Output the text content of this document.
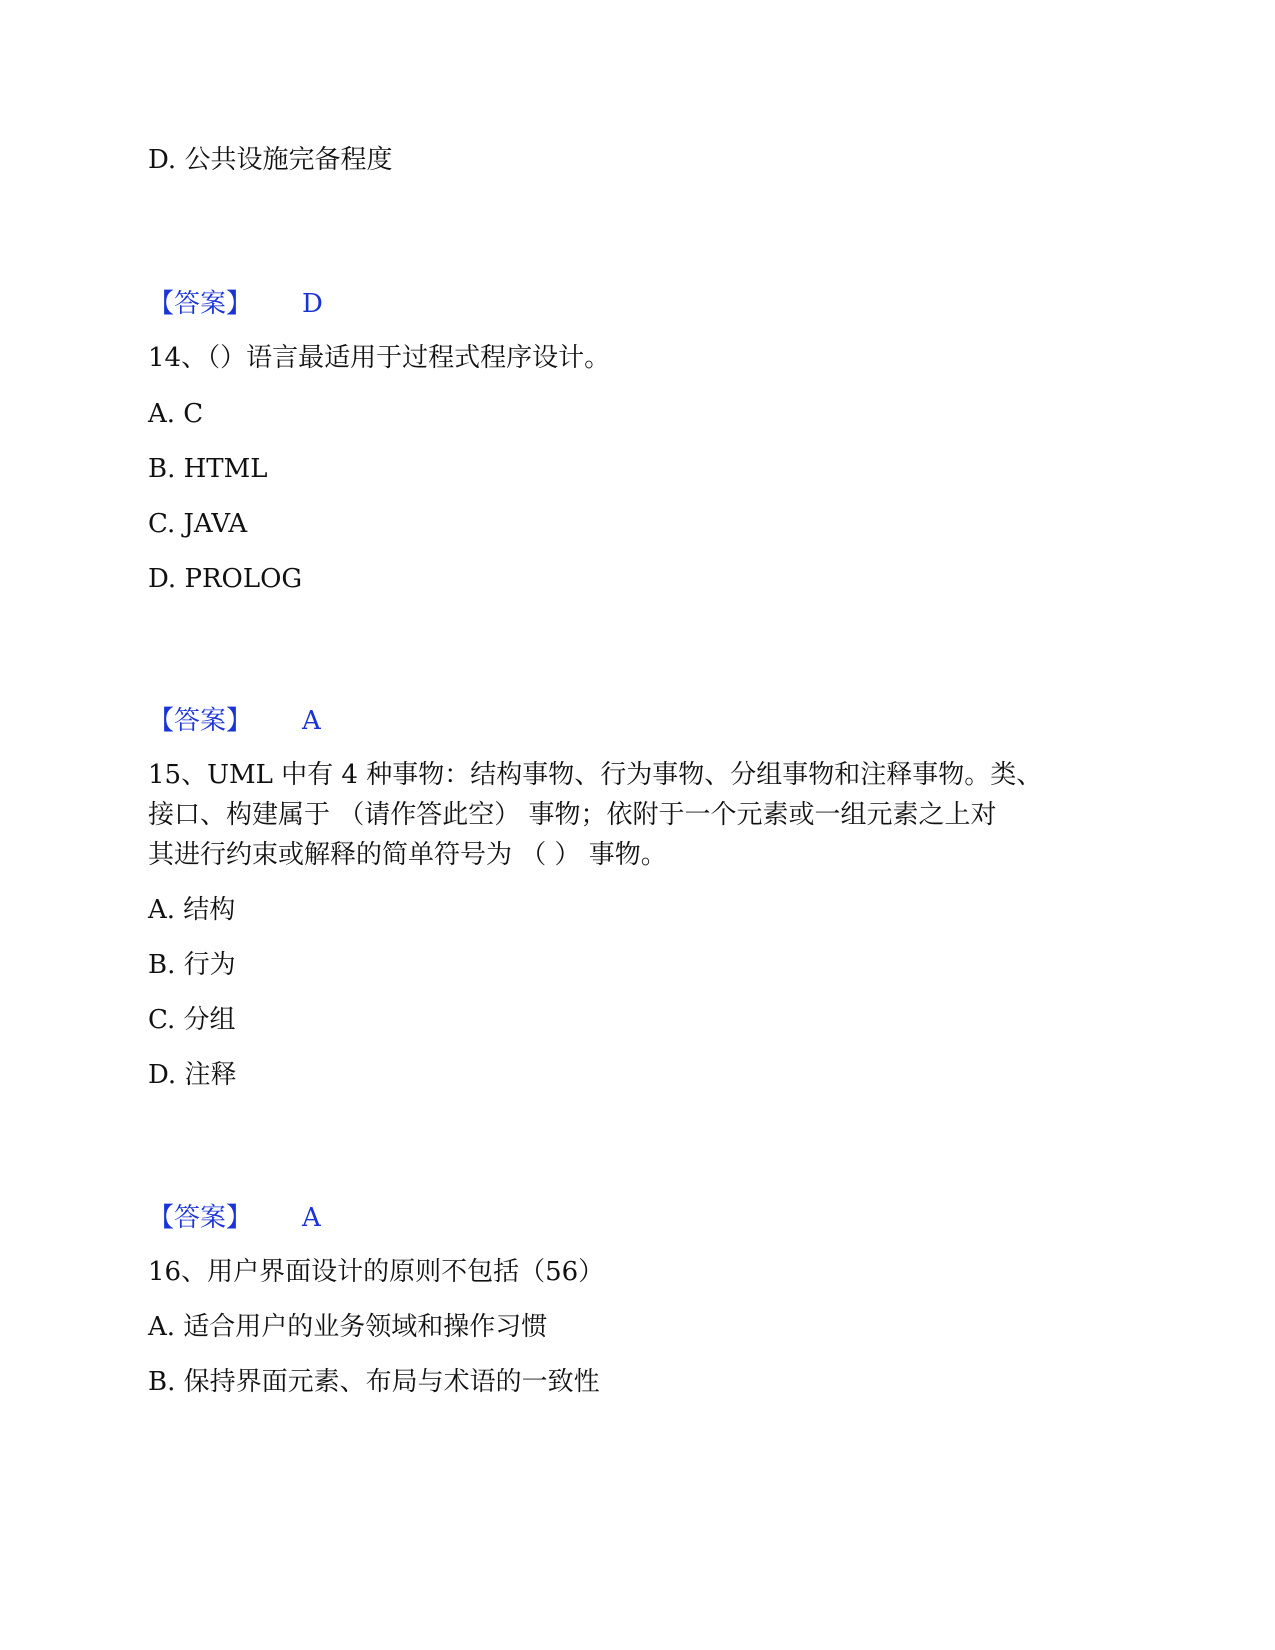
D. 公共设施完备程度
【答案】 D
14、（）语言最适用于过程式程序设计。
A. C
B. HTML
C. JAVA
D. PROLOG
【答案】 A
15、UML 中有 4 种事物：结构事物、行为事物、分组事物和注释事物。类、
接口、构建属于 （请作答此空） 事物；依附于一个元素或一组元素之上对
其进行约束或解释的简单符号为 （ ） 事物。
A. 结构
B. 行为
C. 分组
D. 注释
【答案】 A
16、用户界面设计的原则不包括（56）
A. 适合用户的业务领域和操作习惯
B. 保持界面元素、布局与术语的一致性
